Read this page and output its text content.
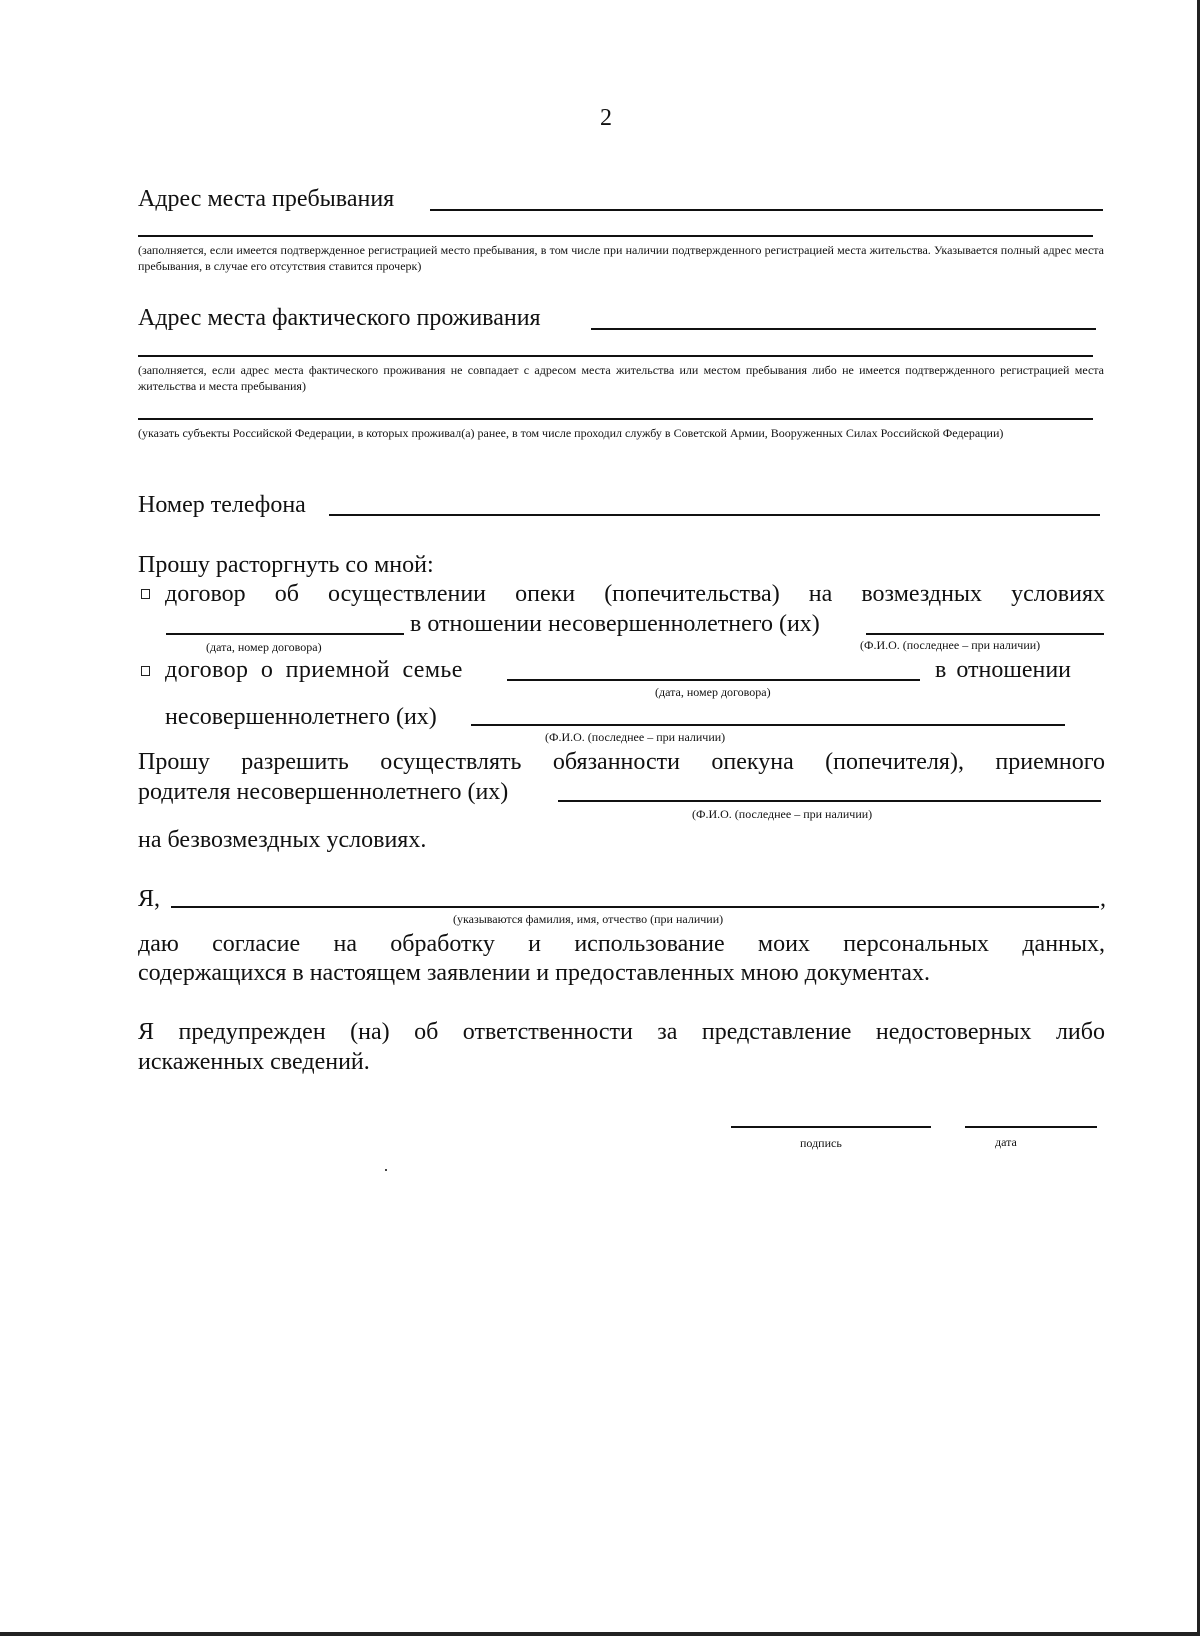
2
Адрес места пребывания
(заполняется, если имеется подтвержденное регистрацией место пребывания, в том числе при наличии подтвержденного регистрацией места жительства. Указывается полный адрес места пребывания, в случае его отсутствия ставится прочерк)
Адрес места фактического проживания
(заполняется, если адрес места фактического проживания не совпадает с адресом места жительства или местом пребывания либо не имеется подтвержденного регистрацией места жительства и места пребывания)
(указать субъекты Российской Федерации, в которых проживал(а) ранее, в том числе проходил службу в Советской Армии, Вооруженных Силах Российской Федерации)
Номер телефона
Прошу расторгнуть со мной:
договор об осуществлении опеки (попечительства) на возмездных условиях
в отношении несовершеннолетнего (их)
(дата, номер договора)	(Ф.И.О. (последнее – при наличии)
договор о приемной семье	в отношении
(дата, номер договора)
несовершеннолетнего (их)
(Ф.И.О. (последнее – при наличии)
Прошу разрешить осуществлять обязанности опекуна (попечителя), приемного
родителя несовершеннолетнего (их)
(Ф.И.О. (последнее – при наличии)
на безвозмездных условиях.
Я,	,
(указываются фамилия, имя, отчество (при наличии)
даю согласие на обработку и использование моих персональных данных,
содержащихся в настоящем заявлении и предоставленных мною документах.
Я предупрежден (на) об ответственности за представление недостоверных либо
искаженных сведений.
подпись	дата
